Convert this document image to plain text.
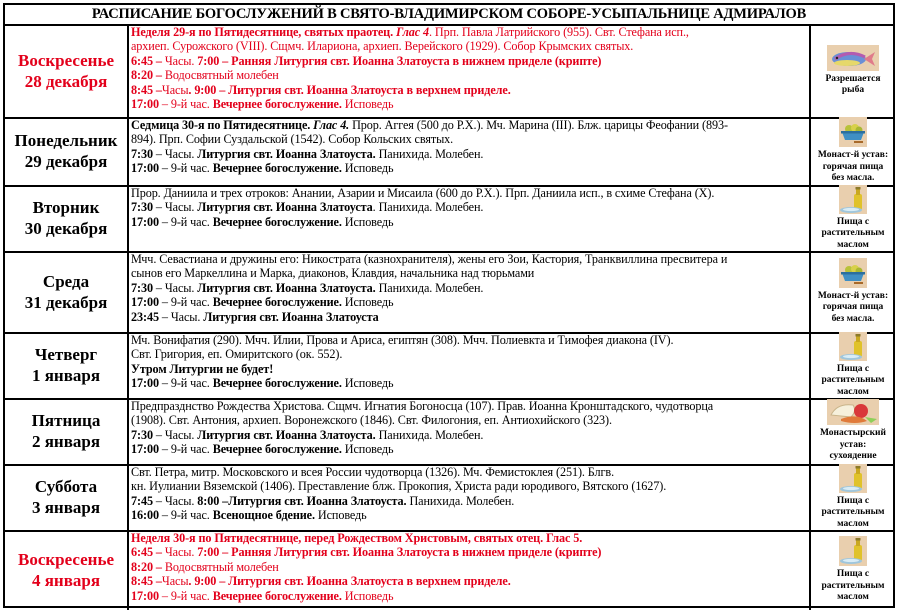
РАСПИСАНИЕ БОГОСЛУЖЕНИЙ В СВЯТО-ВЛАДИМИРСКОМ СОБОРЕ-УСЫПАЛЬНИЦЕ АДМИРАЛОВ
Воскресенье
28 декабря
Неделя 29-я по Пятидесятнице, святых праотец. Глас 4. Прп. Павла Латрийского (955). Свт. Стефана исп.,
архиеп. Сурожского (VIII). Сщмч. Илариона, архиеп. Верейского (1929). Собор Крымских святых.
6:45 – Часы. 7:00 – Ранняя Литургия свт. Иоанна Златоуста в нижнем приделе (крипте)
8:20 – Водосвятный молебен
8:45 –Часы. 9:00 – Литургия свт. Иоанна Златоуста в верхнем приделе.
17:00 – 9-й час. Вечернее богослужение. Исповедь
Разрешается
рыба
Понедельник
29 декабря
Седмица 30-я по Пятидесятнице. Глас 4. Прор. Аггея (500 до Р.Х.). Мч. Марина (III). Блж. царицы Феофании (893-
894). Прп. Софии Суздальской (1542). Собор Кольских святых.
7:30 – Часы. Литургия свт. Иоанна Златоуста. Панихида. Молебен.
17:00 – 9-й час. Вечернее богослужение. Исповедь
Монаст-й устав:
горячая пища
без масла.
Вторник
30 декабря
Прор. Даниила и трех отроков: Анании, Азарии и Мисаила (600 до Р.Х.). Прп. Даниила исп., в схиме Стефана (X).
7:30 – Часы. Литургия свт. Иоанна Златоуста. Панихида. Молебен.
17:00 – 9-й час. Вечернее богослужение. Исповедь	Пища с
растительным
маслом
Среда
31 декабря
Мчч. Севастиана и дружины его: Никострата (казнохранителя), жены его Зои, Кастория, Транквиллина пресвитера и
сынов его Маркеллина и Марка, диаконов, Клавдия, начальника над тюрьмами
7:30 – Часы. Литургия свт. Иоанна Златоуста. Панихида. Молебен.
17:00 – 9-й час. Вечернее богослужение. Исповедь
23:45 – Часы. Литургия свт. Иоанна Златоуста
Монаст-й устав:
горячая пища
без масла.
Четверг
1 января
Мч. Вонифатия (290). Мчч. Илии, Прова и Ариса, египтян (308). Мчч. Полиевкта и Тимофея диакона (IV).
Свт. Григория, еп. Омиритского (ок. 552).
Утром Литургии не будет!
17:00 – 9-й час. Вечернее богослужение. Исповедь
Пища с
растительным
маслом
Пятница
2 января
Предпразднство Рождества Христова. Сщмч. Игнатия Богоносца (107). Прав. Иоанна Кронштадского, чудотворца
(1908). Свт. Антония, архиеп. Воронежского (1846). Свт. Филогония, еп. Антиохийского (323).
7:30 – Часы. Литургия свт. Иоанна Златоуста. Панихида. Молебен.
17:00 – 9-й час. Вечернее богослужение. Исповедь
Монастырский
устав:
сухоядение
Суббота
3 января
Свт. Петра, митр. Московского и всея России чудотворца (1326). Мч. Фемистоклея (251). Блгв.
кн. Иулиании Вяземской (1406). Преставление блж. Прокопия, Христа ради юродивого, Вятского (1627).
7:45 – Часы. 8:00 –Литургия свт. Иоанна Златоуста. Панихида. Молебен.
16:00 – 9-й час. Всенощное бдение. Исповедь
Пища с
растительным
маслом
Воскресенье
4 января
Неделя 30-я по Пятидесятнице, перед Рождеством Христовым, святых отец. Глас 5.
6:45 – Часы. 7:00 – Ранняя Литургия свт. Иоанна Златоуста в нижнем приделе (крипте)
8:20 – Водосвятный молебен
8:45 –Часы. 9:00 – Литургия свт. Иоанна Златоуста в верхнем приделе.
17:00 – 9-й час. Вечернее богослужение. Исповедь
Пища с
растительным
маслом
